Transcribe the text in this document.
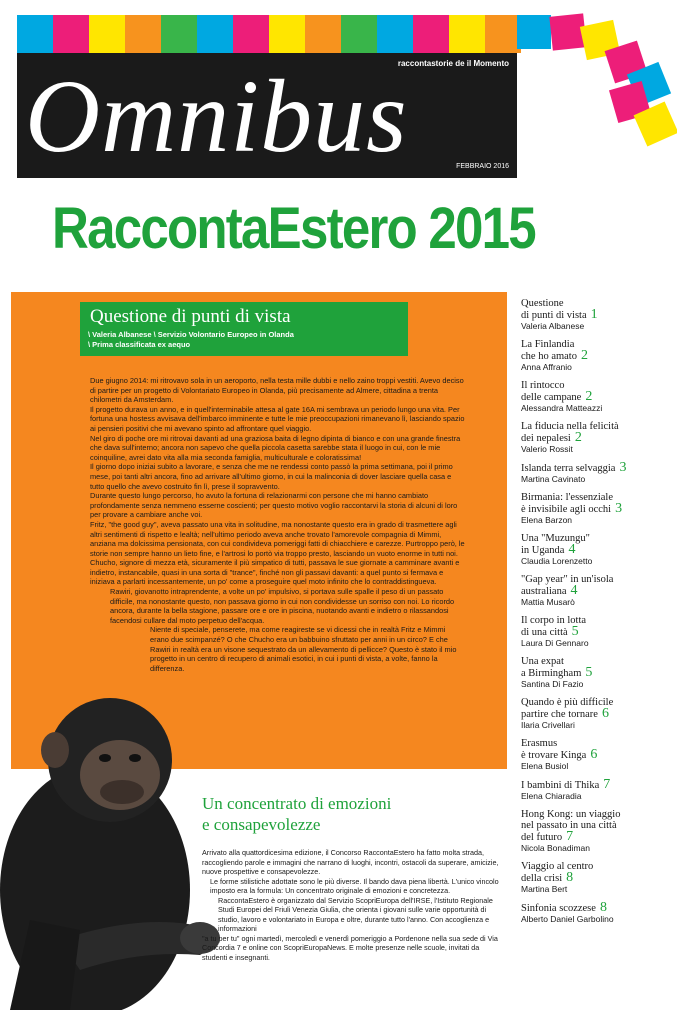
raccontastorie de il Momento
Omnibus	FEBBRAIO 2016
RaccontaEstero 2015
Questione di punti di vista
\ Valeria Albanese \ Servizio Volontario Europeo in Olanda
\ Prima classificata ex aequo

Due giugno 2014: mi ritrovavo sola in un aeroporto, nella testa mille dubbi e nello zaino troppi vestiti. Avevo deciso di partire per un progetto di Volontariato Europeo in Olanda, più precisamente ad Almere, cittadina a trenta chilometri da Amsterdam.

Il progetto durava un anno, e in quell'interminabile attesa al gate 16A mi sembrava un periodo lungo una vita. Per fortuna una hostess avvisava dell'imbarco imminente e tutte le mie preoccupazioni rimanevano lì, lasciando spazio ai pensieri positivi che mi avevano spinto ad affrontare quel viaggio.

Nel giro di poche ore mi ritrovai davanti ad una graziosa baita di legno dipinta di bianco e con una grande finestra che dava sull'interno; ancora non sapevo che quella piccola casetta sarebbe stata il luogo in cui, con le mie coinquiline, avrei dato vita alla mia seconda famiglia, multiculturale e coloratissima!

Il giorno dopo iniziai subito a lavorare, e senza che me ne rendessi conto passò la prima settimana, poi il primo mese, poi tanti altri ancora, fino ad arrivare all'ultimo giorno, in cui la malinconia di dover lasciare quella casa e tutto quello che avevo costruito fin lì, prese il sopravvento.

Durante questo lungo percorso, ho avuto la fortuna di relazionarmi con persone che mi hanno cambiato profondamente senza nemmeno esserne coscienti; per questo motivo voglio raccontarvi la storia di alcuni di loro per provare a cambiare anche voi.

Fritz, "the good guy", aveva passato una vita in solitudine, ma nonostante questo era in grado di trasmettere agli altri sentimenti di rispetto e lealtà; nell'ultimo periodo aveva anche trovato l'amorevole compagnia di Mimmi, anziana ma dolcissima pensionata, con cui condivideva pomeriggi fatti di chiacchiere e carezze. Purtroppo però, le storie non sempre hanno un lieto fine, e l'artrosi lo portò via troppo presto, lasciando un vuoto enorme in tutti noi.

Chucho, signore di mezza età, sicuramente il più simpatico di tutti, passava le sue giornate a camminare avanti e indietro, instancabile, quasi in una sorta di "trance", finché non gli passavi davanti: a quel punto si fermava e iniziava a parlarti incessantemente, un po' come a proseguire quel moto infinito che lo contraddistingueva.

Rawiri, giovanotto intraprendente, a volte un po' impulsivo, si portava sulle spalle il peso di un passato difficile, ma nonostante questo, non passava giorno in cui non condividesse un sorriso con noi. Lo ricordo ancora, durante la bella stagione, passare ore e ore in piscina, nuotando avanti e indietro o rilassandosi facendosi cullare dal moto perpetuo dell'acqua.

Niente di speciale, penserete, ma come reagireste se vi dicessi che in realtà Fritz e Mimmi erano due scimpanzé? O che Chucho era un babbuino sfruttato per anni in un circo? E che Rawiri in realtà era un visone sequestrato da un allevamento di pellicce? Questo è stato il mio progetto in un centro di recupero di animali esotici, in cui i punti di vista, a volte, fanno la differenza.

Un concentrato di emozioni
e consapevolezze

Arrivato alla quattordicesima edizione, il Concorso RaccontaEstero ha fatto molta strada, raccogliendo parole e immagini che narrano di luoghi, incontri, ostacoli da superare, amicizie, nuove prospettive e consapevolezze.

Le forme stilistiche adottate sono le più diverse. Il bando dava piena libertà. L'unico vincolo imposto era la formula: Un concentrato originale di emozioni e concretezza.

RaccontaEstero è organizzato dal Servizio ScopriEuropa dell'IRSE, l'Istituto Regionale Studi Europei del Friuli Venezia Giulia, che orienta i giovani sulle varie opportunità di studio, lavoro e volontariato in Europa e oltre, durante tutto l'anno. Con accoglienza e informazioni

"a tu per tu" ogni martedì, mercoledì e venerdì pomeriggio a Pordenone nella sua sede di Via Concordia 7 e online con ScopriEuropaNews. E molte presenze nelle scuole, invitati da studenti e insegnanti.

Questione
di punti di vista 1
Valeria Albanese
La Finlandia
che ho amato 2
Anna Affranio
Il rintocco
delle campane 2
Alessandra Matteazzi
La fiducia nella felicità
dei nepalesi 2
Valerio Rossit
Islanda terra selvaggia 3
Martina Cavinato
Birmania: l'essenziale
è invisibile agli occhi 3
Elena Barzon
Una "Muzungu"
in Uganda 4
Claudia Lorenzetto
"Gap year" in un'isola
australiana 4
Mattia Musarò
Il corpo in lotta
di una città 5
Laura Di Gennaro
Una expat
a Birmingham 5
Santina Di Fazio
Quando è più difficile
partire che tornare 6
Ilaria Crivellari
Erasmus
è trovare Kinga 6
Elena Busiol
I bambini di Thika 7
Elena Chiaradia
Hong Kong: un viaggio
nel passato in una città
del futuro 7
Nicola Bonadiman
Viaggio al centro
della crisi 8
Martina Bert
Sinfonia scozzese 8
Alberto Daniel Garbolino
